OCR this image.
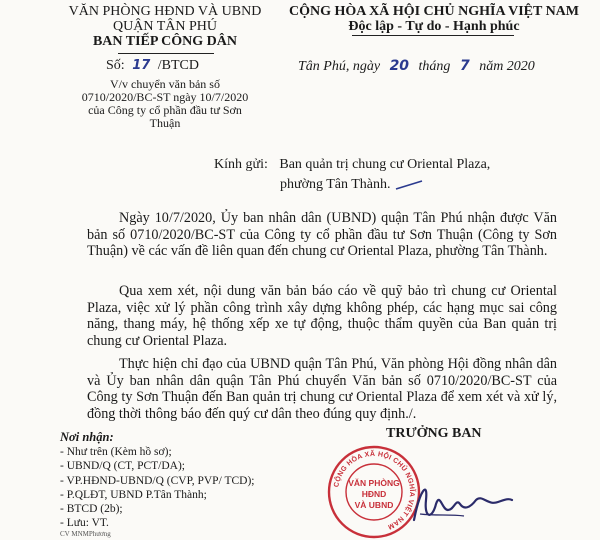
VĂN PHÒNG HĐND VÀ UBND
QUẬN TÂN PHÚ
BAN TIẾP CÔNG DÂN
CỘNG HÒA XÃ HỘI CHỦ NGHĨA VIỆT NAM
Độc lập - Tự do - Hạnh phúc
Số: 17 /BTCD
V/v chuyển văn bản số
0710/2020/BC-ST ngày 10/7/2020
của Công ty cổ phần đầu tư Sơn
Thuận
Tân Phú, ngày 20 tháng 7 năm 2020
Kính gửi: Ban quản trị chung cư Oriental Plaza,
phường Tân Thành.

Ngày 10/7/2020, Ủy ban nhân dân (UBND) quận Tân Phú nhận được Văn bản số 0710/2020/BC-ST của Công ty cổ phần đầu tư Sơn Thuận (Công ty Sơn Thuận) về các vấn đề liên quan đến chung cư Oriental Plaza, phường Tân Thành.

Qua xem xét, nội dung văn bản báo cáo về quỹ bảo trì chung cư Oriental Plaza, việc xử lý phần công trình xây dựng không phép, các hạng mục sai công năng, thang máy, hệ thống xếp xe tự động, thuộc thẩm quyền của Ban quản trị chung cư Oriental Plaza.

Thực hiện chỉ đạo của UBND quận Tân Phú, Văn phòng Hội đồng nhân dân và Ủy ban nhân dân quận Tân Phú chuyển Văn bản số 0710/2020/BC-ST của Công ty Sơn Thuận đến Ban quản trị chung cư Oriental Plaza để xem xét và xử lý, đồng thời thông báo đến quý cư dân theo đúng quy định./.

Nơi nhận:
- Như trên (Kèm hồ sơ);
- UBND/Q (CT, PCT/DA);
- VP.HĐND-UBND/Q (CVP, PVP/ TCD);
- P.QLĐT, UBND P.Tân Thành;
- BTCD (2b);
- Lưu: VT.
CV MNMPhương
TRƯỞNG BAN
CỘNG HÒA XÃ HỘI CHỦ NGHĨA VIỆT NAM
VĂN PHÒNG
HĐND
VÀ UBND
